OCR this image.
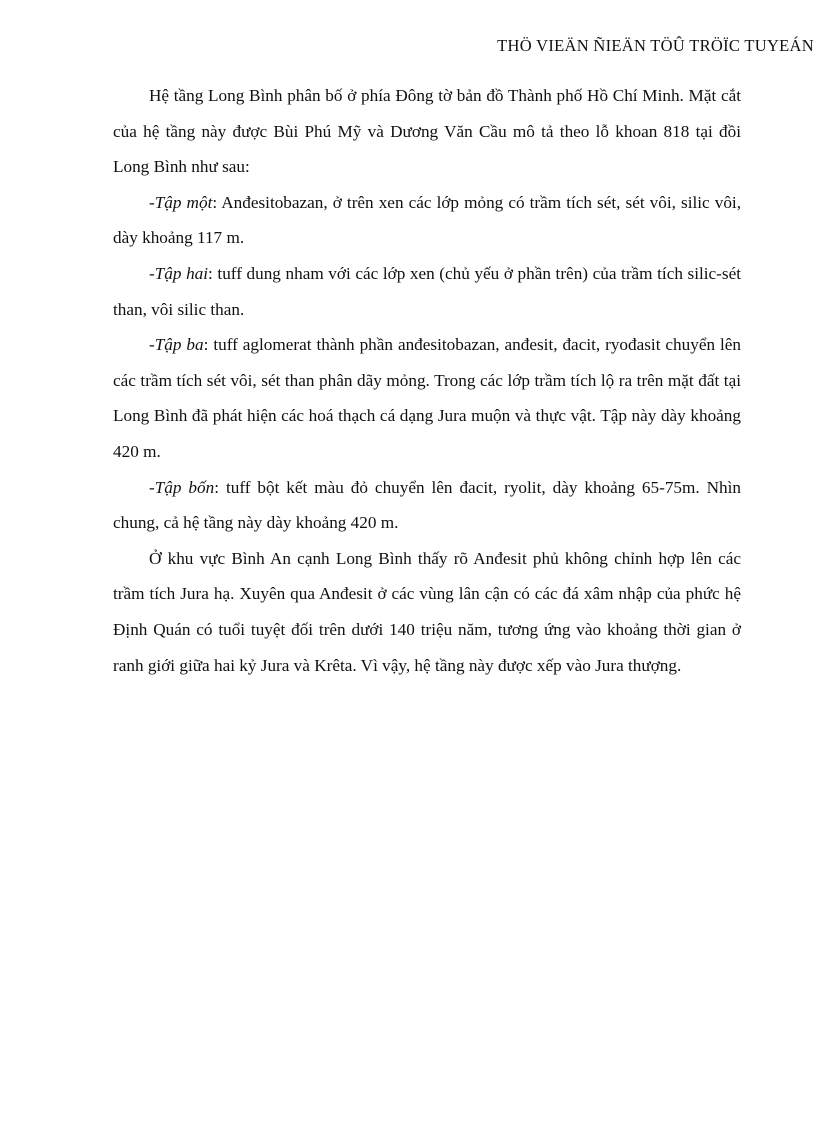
THÖ VIEÄN ÑIEÄN TÖÛ TRÖÏC TUYEÁN

Hệ tầng Long Bình phân bố ở phía Đông tờ bản đồ Thành phố Hồ Chí Minh. Mặt cắt của hệ tầng này được Bùi Phú Mỹ và Dương Văn Cầu mô tả theo lỗ khoan 818 tại đồi Long Bình như sau:

-Tập một: Anđesitobazan, ở trên xen các lớp mỏng có trầm tích sét, sét vôi, silic vôi, dày khoảng 117 m.

-Tập hai: tuff dung nham với các lớp xen (chủ yếu ở phần trên) của trầm tích silic-sét than, vôi silic than.

-Tập ba: tuff aglomerat thành phần anđesitobazan, anđesit, đacit, ryođasit chuyển lên các trầm tích sét vôi, sét than phân dãy mỏng. Trong các lớp trầm tích lộ ra trên mặt đất tại Long Bình đã phát hiện các hoá thạch cá dạng Jura muộn và thực vật. Tập này dày khoảng 420 m.

-Tập bốn: tuff bột kết màu đỏ chuyển lên đacit, ryolit, dày khoảng 65-75m. Nhìn chung, cả hệ tầng này dày khoảng 420 m.

Ở khu vực Bình An cạnh Long Bình thấy rõ Anđesit phủ không chỉnh hợp lên các trầm tích Jura hạ. Xuyên qua Anđesit ở các vùng lân cận có các đá xâm nhập của phức hệ Định Quán có tuổi tuyệt đối trên dưới 140 triệu năm, tương ứng vào khoảng thời gian ở ranh giới giữa hai kỷ Jura và Krêta. Vì vậy, hệ tầng này được xếp vào Jura thượng.
